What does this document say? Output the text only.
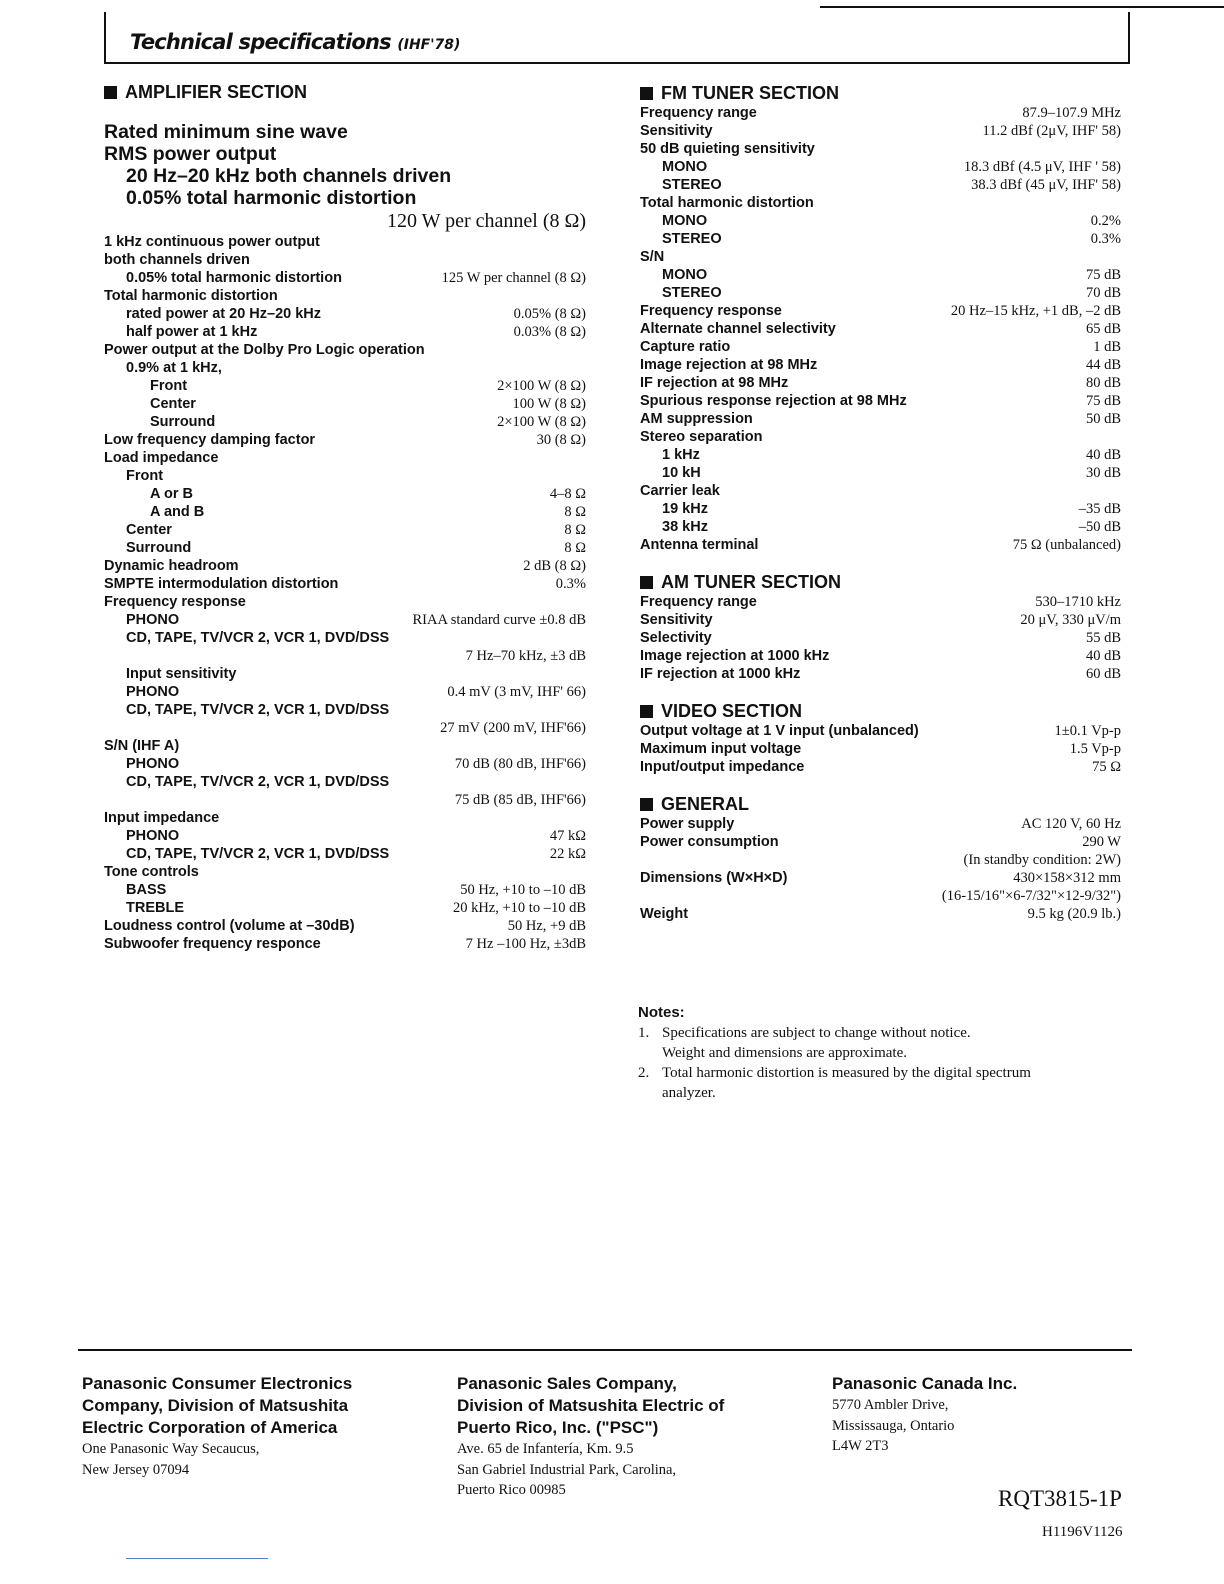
Technical specifications (IHF'78)
AMPLIFIER SECTION
Rated minimum sine wave
RMS power output
20 Hz–20 kHz both channels driven
0.05% total harmonic distortion
120 W per channel (8 Ω)
1 kHz continuous power output
both channels driven
0.05% total harmonic distortion	125 W per channel (8 Ω)
Total harmonic distortion
rated power at 20 Hz–20 kHz	0.05% (8 Ω)
half power at 1 kHz	0.03% (8 Ω)
Power output at the Dolby Pro Logic operation
0.9% at 1 kHz,
Front	2×100 W (8 Ω)
Center	100 W (8 Ω)
Surround	2×100 W (8 Ω)
Low frequency damping factor	30 (8 Ω)
Load impedance
Front
A or B	4–8 Ω
A and B	8 Ω
Center	8 Ω
Surround	8 Ω
Dynamic headroom	2 dB (8 Ω)
SMPTE intermodulation distortion	0.3%
Frequency response
PHONO	RIAA standard curve ±0.8 dB
CD, TAPE, TV/VCR 2, VCR 1, DVD/DSS
7 Hz–70 kHz, ±3 dB
Input sensitivity
PHONO	0.4 mV (3 mV, IHF' 66)
CD, TAPE, TV/VCR 2, VCR 1, DVD/DSS
27 mV (200 mV, IHF'66)
S/N (IHF A)
PHONO	70 dB (80 dB, IHF'66)
CD, TAPE, TV/VCR 2, VCR 1, DVD/DSS
75 dB (85 dB, IHF'66)
Input impedance
PHONO	47 kΩ
CD, TAPE, TV/VCR 2, VCR 1, DVD/DSS	22 kΩ
Tone controls
BASS	50 Hz, +10 to –10 dB
TREBLE	20 kHz, +10 to –10 dB
Loudness control (volume at –30dB)	50 Hz, +9 dB
Subwoofer frequency responce	7 Hz –100 Hz, ±3dB
FM TUNER SECTION
Frequency range	87.9–107.9 MHz
Sensitivity	11.2 dBf (2μV, IHF' 58)
50 dB quieting sensitivity
MONO	18.3 dBf (4.5 μV, IHF ' 58)
STEREO	38.3 dBf (45 μV, IHF' 58)
Total harmonic distortion
MONO	0.2%
STEREO	0.3%
S/N
MONO	75 dB
STEREO	70 dB
Frequency response	20 Hz–15 kHz, +1 dB, –2 dB
Alternate channel selectivity	65 dB
Capture ratio	1 dB
Image rejection at 98 MHz	44 dB
IF rejection at 98 MHz	80 dB
Spurious response rejection at 98 MHz	75 dB
AM suppression	50 dB
Stereo separation
1 kHz	40 dB
10 kH	30 dB
Carrier leak
19 kHz	–35 dB
38 kHz	–50 dB
Antenna terminal	75 Ω (unbalanced)
AM TUNER SECTION
Frequency range	530–1710 kHz
Sensitivity	20 μV, 330 μV/m
Selectivity	55 dB
Image rejection at 1000 kHz	40 dB
IF rejection at 1000 kHz	60 dB
VIDEO SECTION
Output voltage at 1 V input (unbalanced)	1±0.1 Vp-p
Maximum input voltage	1.5 Vp-p
Input/output impedance	75 Ω
GENERAL
Power supply	AC 120 V, 60 Hz
Power consumption	290 W
(In standby condition: 2W)
Dimensions (W×H×D)	430×158×312 mm
(16-15/16"×6-7/32"×12-9/32")
Weight	9.5 kg (20.9 lb.)
Notes:
1. Specifications are subject to change without notice.
Weight and dimensions are approximate.
2. Total harmonic distortion is measured by the digital spectrum
analyzer.
Panasonic Consumer Electronics
Company, Division of Matsushita
Electric Corporation of America
One Panasonic Way Secaucus,
New Jersey 07094
Panasonic Sales Company,
Division of Matsushita Electric of
Puerto Rico, Inc. ("PSC")
Ave. 65 de Infantería, Km. 9.5
San Gabriel Industrial Park, Carolina,
Puerto Rico 00985
Panasonic Canada Inc.
5770 Ambler Drive,
Mississauga, Ontario
L4W 2T3
RQT3815-1P
H1196V1126
